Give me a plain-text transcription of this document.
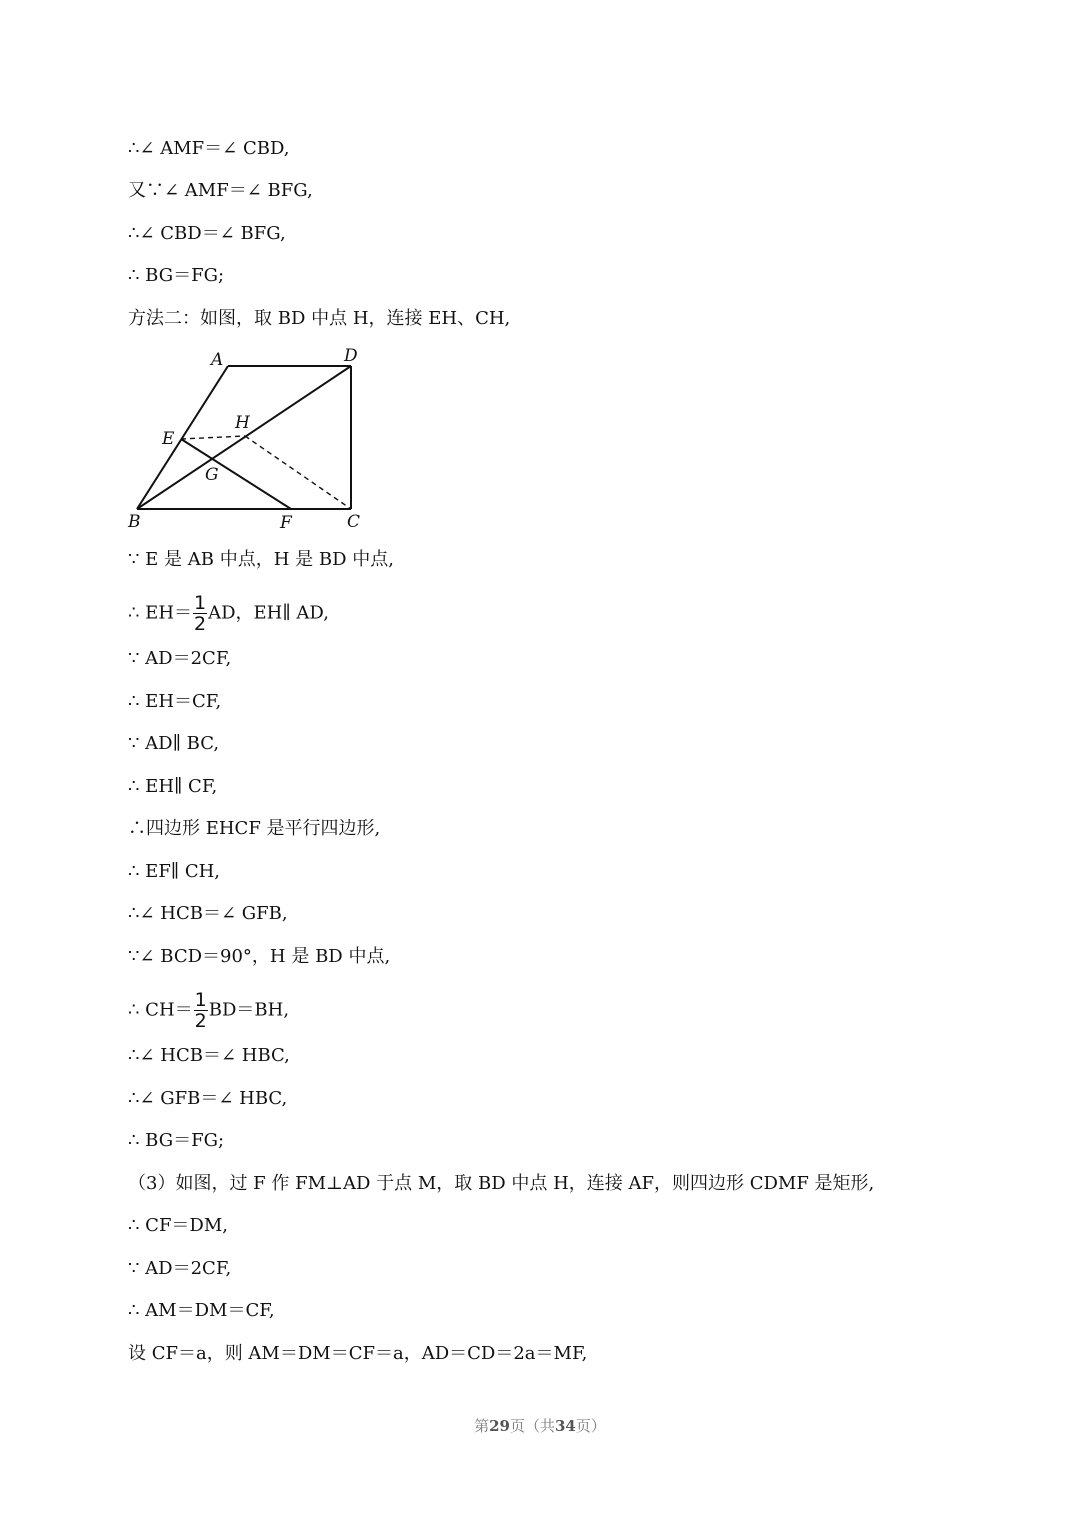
∴∠ AMF＝∠ CBD,

又∵∠ AMF＝∠ BFG,

∴∠ CBD＝∠ BFG,

∴ BG＝FG;

方法二：如图，取 BD 中点 H，连接 EH、CH,

A	D
H
E
G
B	F	C

∵ E 是 AB 中点，H 是 BD 中点,

∴ $EH= \frac{1}{2}$ AD，EH∥ AD,

∵ AD＝2CF,

∴ EH＝CF,

∵ AD∥ BC,

∴ EH∥ CF,

∴四边形 EHCF 是平行四边形,

∴ EF∥ CH,

∴∠ HCB＝∠ GFB,

∵∠ BCD＝90°，H 是 BD 中点,

∴ $CH= \frac{1}{2} BD=BH$,

∴∠ HCB＝∠ HBC,

∴∠ GFB＝∠ HBC,

∴ BG＝FG;

（3）如图，过 F 作 FM⊥AD 于点 M，取 BD 中点 H，连接 AF，则四边形 CDMF 是矩形,

∴ CF＝DM,

∵ AD＝2CF,

∴ AM＝DM＝CF,

设 CF＝a，则 AM＝DM＝CF＝a，AD＝CD＝2a＝MF,

第29页（共34页）
